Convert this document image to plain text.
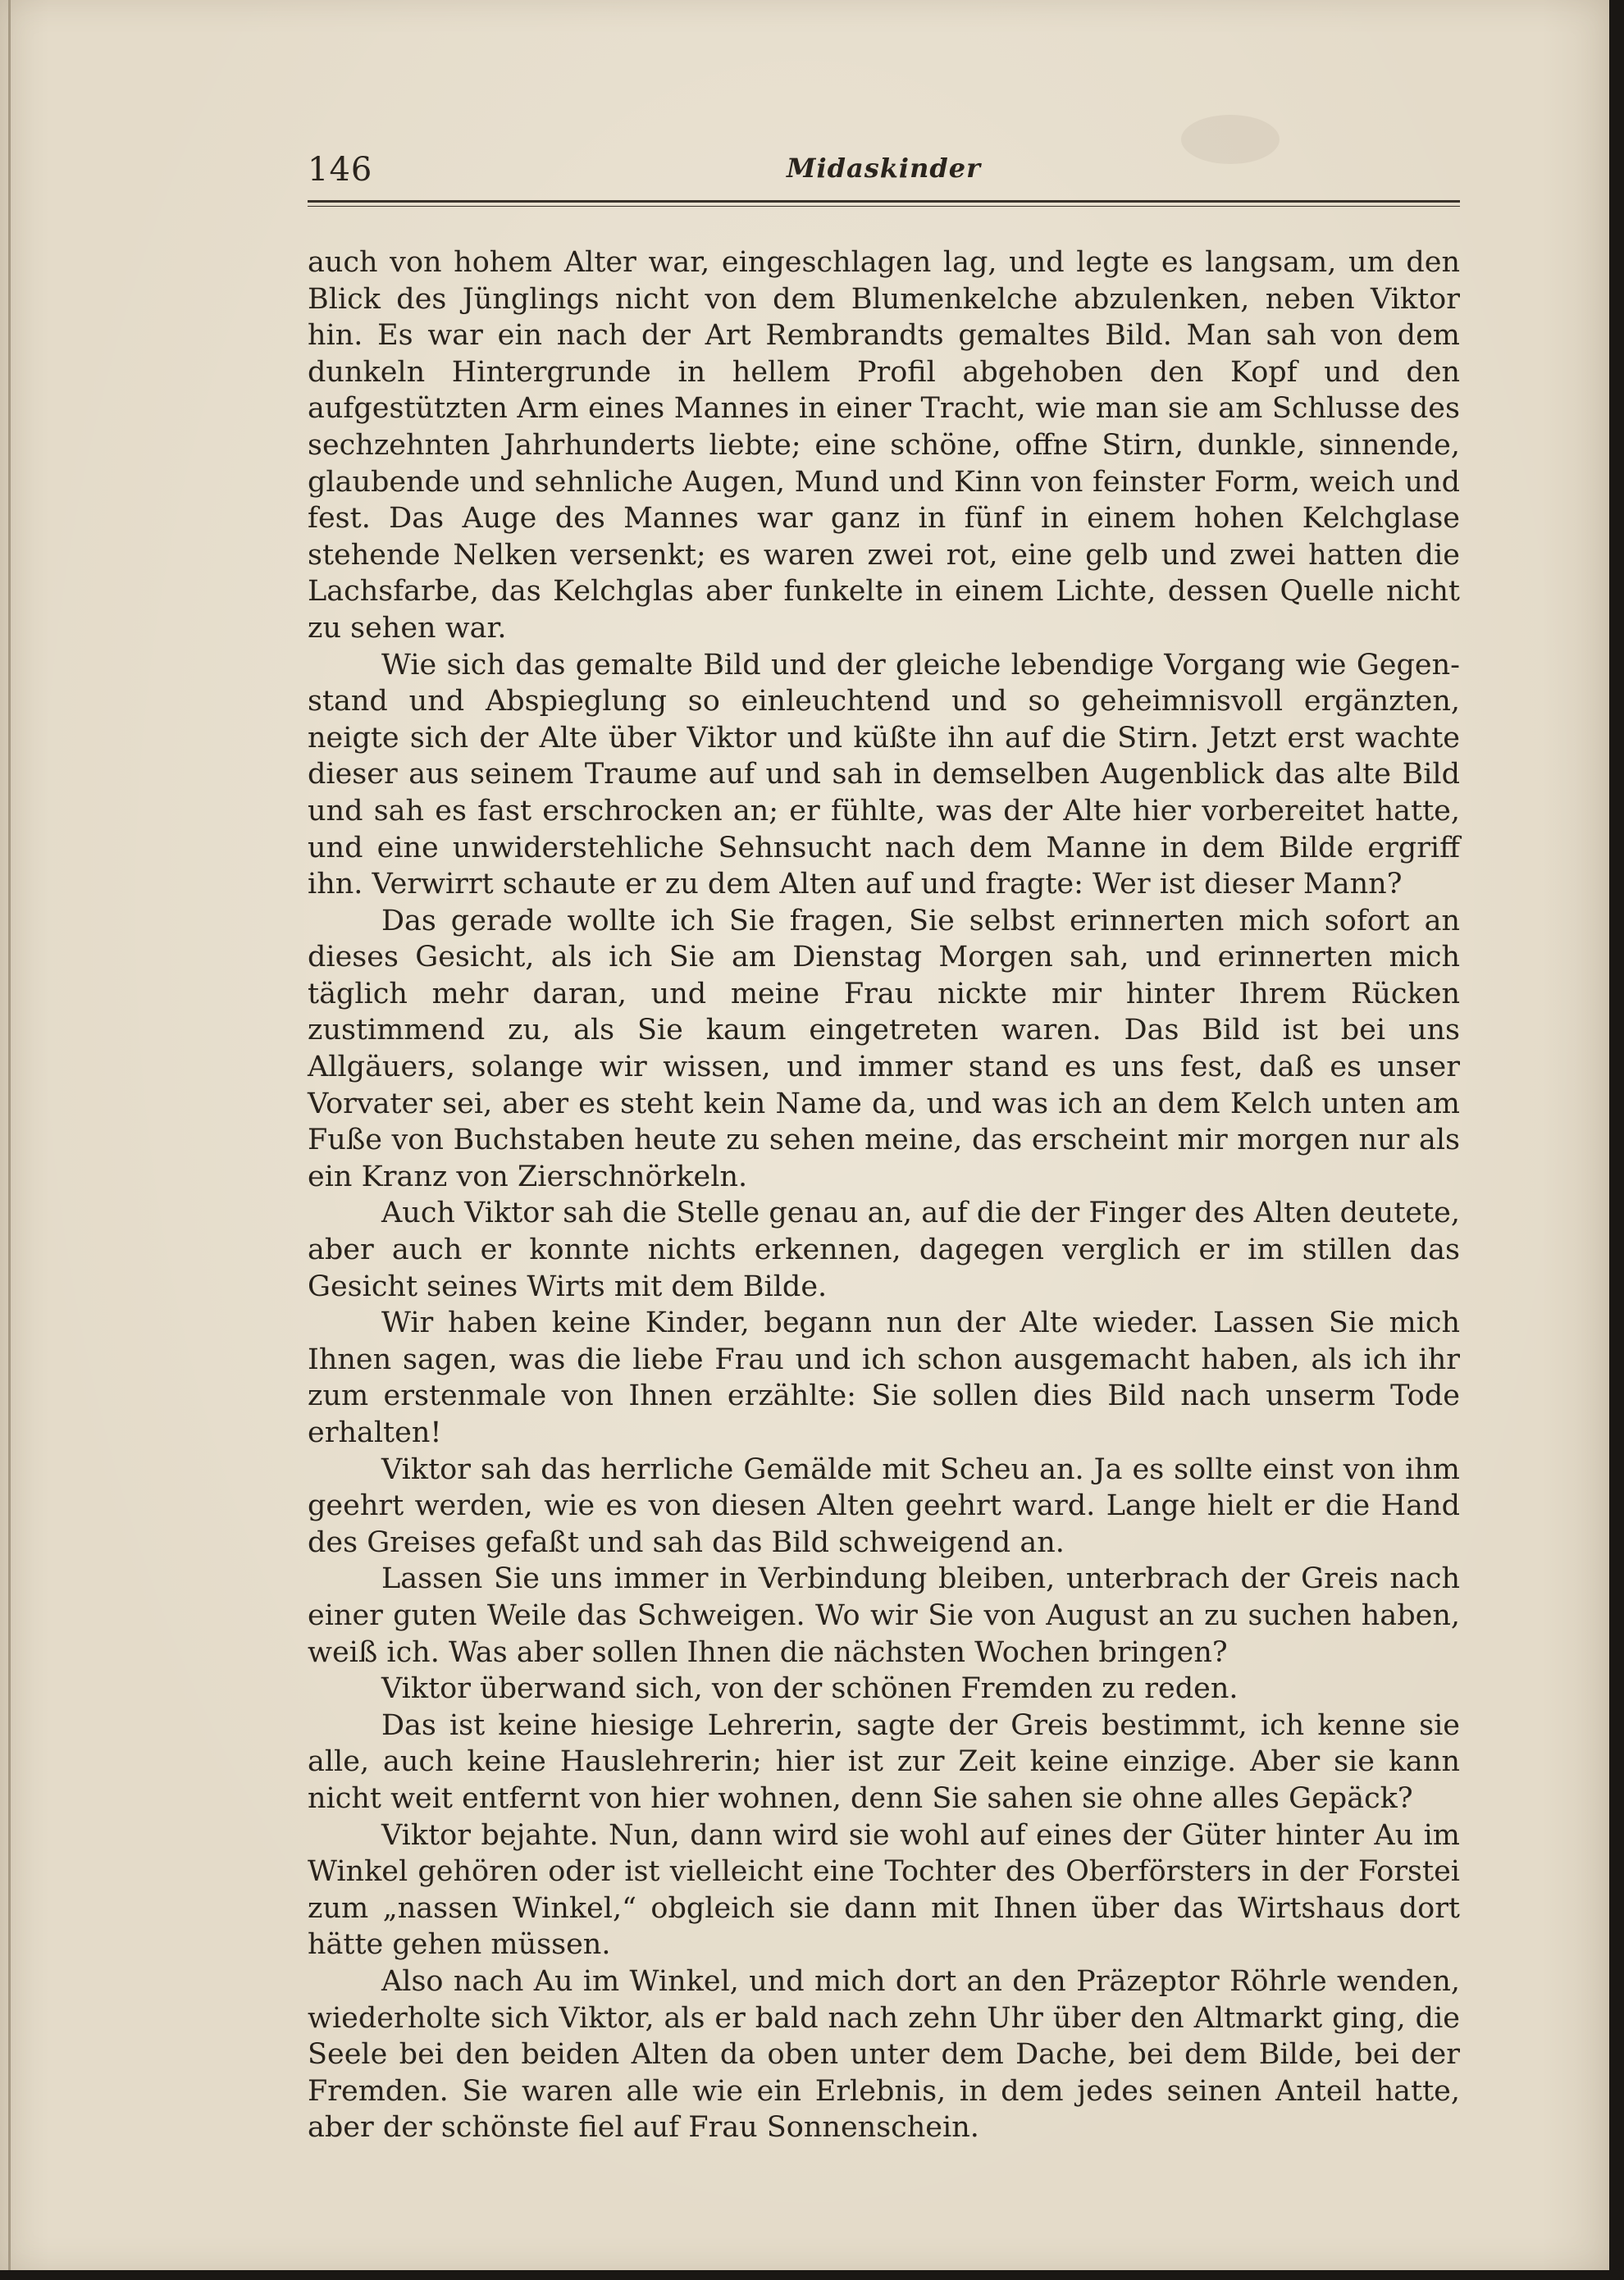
146	Midaskinder

auch von hohem Alter war, eingeschlagen lag, und legte es langsam, um den Blick des Jünglings nicht von dem Blumenkelche abzulenken, neben Viktor hin. Es war ein nach der Art Rembrandts gemaltes Bild. Man sah von dem dunkeln Hintergrunde in hellem Profil abgehoben den Kopf und den aufgestützten Arm eines Mannes in einer Tracht, wie man sie am Schlusse des sechzehnten Jahrhunderts liebte; eine schöne, offne Stirn, dunkle, sinnende, glaubende und sehnliche Augen, Mund und Kinn von feinster Form, weich und fest. Das Auge des Mannes war ganz in fünf in einem hohen Kelchglase stehende Nelken versenkt; es waren zwei rot, eine gelb und zwei hatten die Lachsfarbe, das Kelchglas aber funkelte in einem Lichte, dessen Quelle nicht zu sehen war.

Wie sich das gemalte Bild und der gleiche lebendige Vorgang wie Gegenstand und Abspieglung so einleuchtend und so geheimnisvoll ergänzten, neigte sich der Alte über Viktor und küßte ihn auf die Stirn. Jetzt erst wachte dieser aus seinem Traume auf und sah in demselben Augenblick das alte Bild und sah es fast erschrocken an; er fühlte, was der Alte hier vorbereitet hatte, und eine unwiderstehliche Sehnsucht nach dem Manne in dem Bilde ergriff ihn. Verwirrt schaute er zu dem Alten auf und fragte: Wer ist dieser Mann?

Das gerade wollte ich Sie fragen, Sie selbst erinnerten mich sofort an dieses Gesicht, als ich Sie am Dienstag Morgen sah, und erinnerten mich täglich mehr daran, und meine Frau nickte mir hinter Ihrem Rücken zustimmend zu, als Sie kaum eingetreten waren. Das Bild ist bei uns Allgäuers, solange wir wissen, und immer stand es uns fest, daß es unser Vorvater sei, aber es steht kein Name da, und was ich an dem Kelch unten am Fuße von Buchstaben heute zu sehen meine, das erscheint mir morgen nur als ein Kranz von Zierschnörkeln.

Auch Viktor sah die Stelle genau an, auf die der Finger des Alten deutete, aber auch er konnte nichts erkennen, dagegen verglich er im stillen das Gesicht seines Wirts mit dem Bilde.

Wir haben keine Kinder, begann nun der Alte wieder. Lassen Sie mich Ihnen sagen, was die liebe Frau und ich schon ausgemacht haben, als ich ihr zum erstenmale von Ihnen erzählte: Sie sollen dies Bild nach unserm Tode erhalten!

Viktor sah das herrliche Gemälde mit Scheu an. Ja es sollte einst von ihm geehrt werden, wie es von diesen Alten geehrt ward. Lange hielt er die Hand des Greises gefaßt und sah das Bild schweigend an.

Lassen Sie uns immer in Verbindung bleiben, unterbrach der Greis nach einer guten Weile das Schweigen. Wo wir Sie von August an zu suchen haben, weiß ich. Was aber sollen Ihnen die nächsten Wochen bringen?

Viktor überwand sich, von der schönen Fremden zu reden.

Das ist keine hiesige Lehrerin, sagte der Greis bestimmt, ich kenne sie alle, auch keine Hauslehrerin; hier ist zur Zeit keine einzige. Aber sie kann nicht weit entfernt von hier wohnen, denn Sie sahen sie ohne alles Gepäck?

Viktor bejahte. Nun, dann wird sie wohl auf eines der Güter hinter Au im Winkel gehören oder ist vielleicht eine Tochter des Oberförsters in der Forstei zum „nassen Winkel,“ obgleich sie dann mit Ihnen über das Wirtshaus dort hätte gehen müssen.

Also nach Au im Winkel, und mich dort an den Präzeptor Röhrle wenden, wiederholte sich Viktor, als er bald nach zehn Uhr über den Altmarkt ging, die Seele bei den beiden Alten da oben unter dem Dache, bei dem Bilde, bei der Fremden. Sie waren alle wie ein Erlebnis, in dem jedes seinen Anteil hatte, aber der schönste fiel auf Frau Sonnenschein.
